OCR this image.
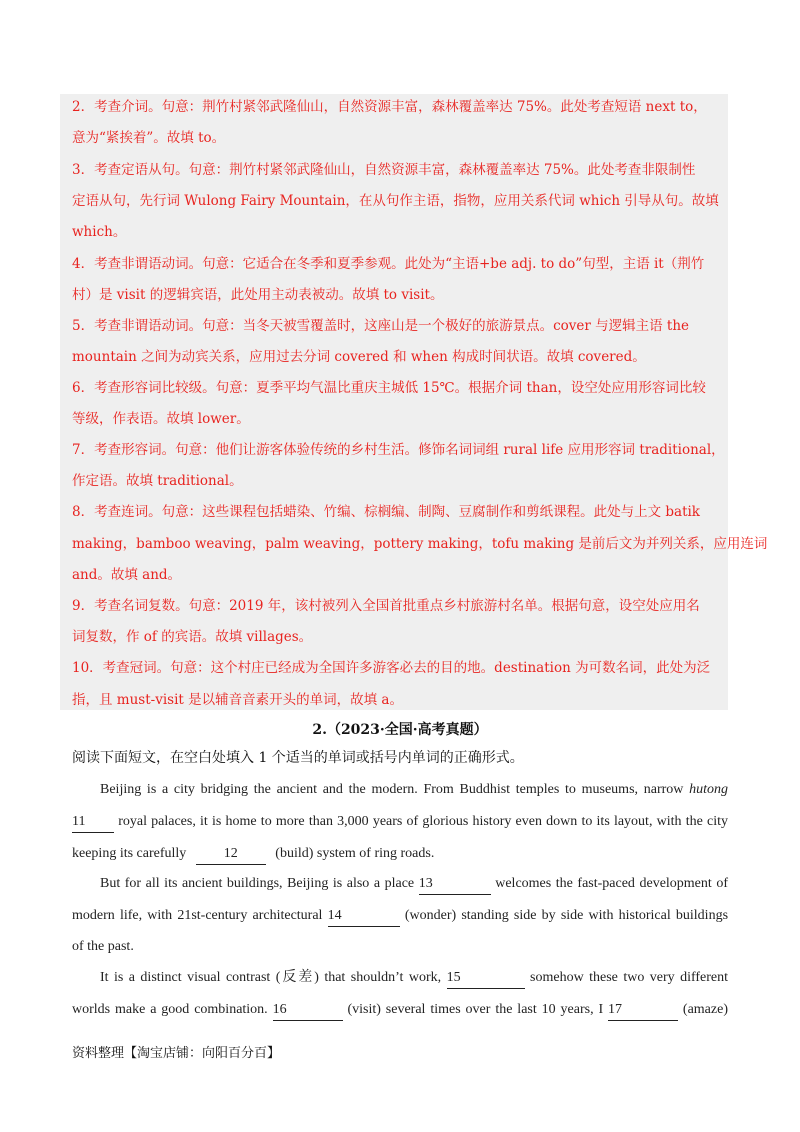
2．考查介词。句意：荆竹村紧邻武隆仙山，自然资源丰富，森林覆盖率达 75%。此处考查短语 next to，
意为“紧挨着”。故填 to。
3．考查定语从句。句意：荆竹村紧邻武隆仙山，自然资源丰富，森林覆盖率达 75%。此处考查非限制性
定语从句，先行词 Wulong Fairy Mountain，在从句作主语，指物，应用关系代词 which 引导从句。故填
which。
4．考查非谓语动词。句意：它适合在冬季和夏季参观。此处为“主语+be adj. to do”句型，主语 it（荆竹
村）是 visit 的逻辑宾语，此处用主动表被动。故填 to visit。
5．考查非谓语动词。句意：当冬天被雪覆盖时，这座山是一个极好的旅游景点。cover 与逻辑主语 the
mountain 之间为动宾关系，应用过去分词 covered 和 when 构成时间状语。故填 covered。
6．考查形容词比较级。句意：夏季平均气温比重庆主城低 15℃。根据介词 than，设空处应用形容词比较
等级，作表语。故填 lower。
7．考查形容词。句意：他们让游客体验传统的乡村生活。修饰名词词组 rural life 应用形容词 traditional，
作定语。故填 traditional。
8．考查连词。句意：这些课程包括蜡染、竹编、棕榈编、制陶、豆腐制作和剪纸课程。此处与上文 batik
making，bamboo weaving，palm weaving，pottery making，tofu making 是前后文为并列关系，应用连词
and。故填 and。
9．考查名词复数。句意：2019 年，该村被列入全国首批重点乡村旅游村名单。根据句意，设空处应用名
词复数，作 of 的宾语。故填 villages。
10．考查冠词。句意：这个村庄已经成为全国许多游客必去的目的地。destination 为可数名词，此处为泛
指，且 must-visit 是以辅音音素开头的单词，故填 a。
2.（2023·全国·高考真题）
阅读下面短文，在空白处填入 1 个适当的单词或括号内单词的正确形式。
Beijing is a city bridging the ancient and the modern. From Buddhist temples to museums, narrow hutong
11 royal palaces, it is home to more than 3,000 years of glorious history even down to its layout, with the city
keeping its carefully	12	(build) system of ring roads.
But for all its ancient buildings, Beijing is also a place 13	welcomes the fast-paced development of
modern life, with 21st-century architectural 14	(wonder) standing side by side with historical buildings
of the past.
It is a distinct visual contrast (反差) that shouldn’t work, 15	somehow these two very different
worlds make a good combination. 16	(visit) several times over the last 10 years, I 17	(amaze)
资料整理【淘宝店铺：向阳百分百】
